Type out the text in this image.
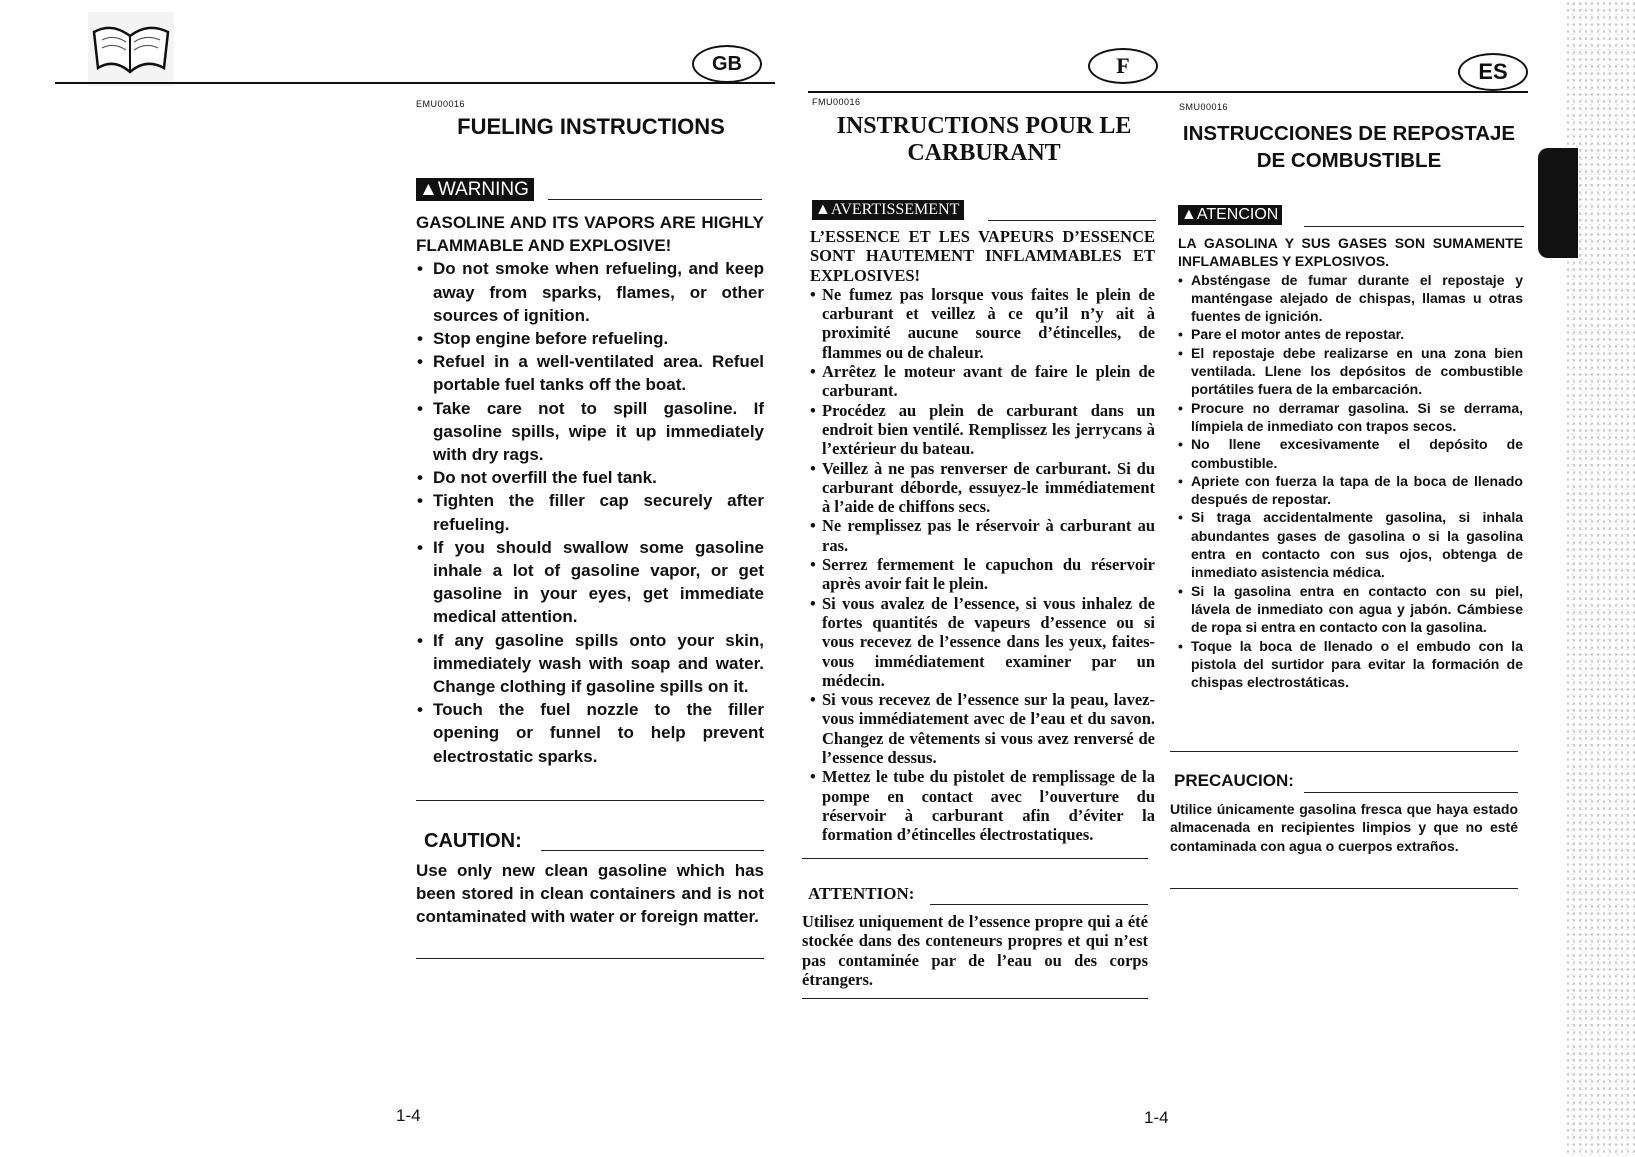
GB	F	ES
EMU00016
FUELING INSTRUCTIONS
▲WARNING

GASOLINE AND ITS VAPORS ARE HIGHLY FLAMMABLE AND EXPLOSIVE!

• Do not smoke when refueling, and keep away from sparks, flames, or other sources of ignition.
• Stop engine before refueling.
• Refuel in a well-ventilated area. Refuel portable fuel tanks off the boat.
• Take care not to spill gasoline. If gasoline spills, wipe it up immediately with dry rags.
• Do not overfill the fuel tank.
• Tighten the filler cap securely after refueling.
• If you should swallow some gasoline inhale a lot of gasoline vapor, or get gasoline in your eyes, get immediate medical attention.
• If any gasoline spills onto your skin, immediately wash with soap and water. Change clothing if gasoline spills on it.
• Touch the fuel nozzle to the filler opening or funnel to help prevent electrostatic sparks.
CAUTION:

Use only new clean gasoline which has been stored in clean containers and is not contaminated with water or foreign matter.

1-4
FMU00016
INSTRUCTIONS POUR LE CARBURANT
▲AVERTISSEMENT

L’ESSENCE ET LES VAPEURS D’ESSENCE SONT HAUTEMENT INFLAMMABLES ET EXPLOSIVES!

• Ne fumez pas lorsque vous faites le plein de carburant et veillez à ce qu’il n’y ait à proximité aucune source d’étincelles, de flammes ou de chaleur.
• Arrêtez le moteur avant de faire le plein de carburant.
• Procédez au plein de carburant dans un endroit bien ventilé. Remplissez les jerrycans à l’extérieur du bateau.
• Veillez à ne pas renverser de carburant. Si du carburant déborde, essuyez-le immédiatement à l’aide de chiffons secs.
• Ne remplissez pas le réservoir à carburant au ras.
• Serrez fermement le capuchon du réservoir après avoir fait le plein.
• Si vous avalez de l’essence, si vous inhalez de fortes quantités de vapeurs d’essence ou si vous recevez de l’essence dans les yeux, faites-vous immédiatement examiner par un médecin.
• Si vous recevez de l’essence sur la peau, lavez-vous immédiatement avec de l’eau et du savon. Changez de vêtements si vous avez renversé de l’essence dessus.
• Mettez le tube du pistolet de remplissage de la pompe en contact avec l’ouverture du réservoir à carburant afin d’éviter la formation d’étincelles électrostatiques.
ATTENTION:

Utilisez uniquement de l’essence propre qui a été stockée dans des conteneurs propres et qui n’est pas contaminée par de l’eau ou des corps étrangers.

1-4
SMU00016
INSTRUCCIONES DE REPOSTAJE DE COMBUSTIBLE
▲ATENCION

LA GASOLINA Y SUS GASES SON SUMAMENTE INFLAMABLES Y EXPLOSIVOS.

• Absténgase de fumar durante el repostaje y manténgase alejado de chispas, llamas u otras fuentes de ignición.
• Pare el motor antes de repostar.
• El repostaje debe realizarse en una zona bien ventilada. Llene los depósitos de combustible portátiles fuera de la embarcación.
• Procure no derramar gasolina. Si se derrama, límpiela de inmediato con trapos secos.
• No llene excesivamente el depósito de combustible.
• Apriete con fuerza la tapa de la boca de llenado después de repostar.
• Si traga accidentalmente gasolina, si inhala abundantes gases de gasolina o si la gasolina entra en contacto con sus ojos, obtenga de inmediato asistencia médica.
• Si la gasolina entra en contacto con su piel, lávela de inmediato con agua y jabón. Cámbiese de ropa si entra en contacto con la gasolina.
• Toque la boca de llenado o el embudo con la pistola del surtidor para evitar la formación de chispas electrostáticas.
PRECAUCION:

Utilice únicamente gasolina fresca que haya estado almacenada en recipientes limpios y que no esté contaminada con agua o cuerpos extraños.
